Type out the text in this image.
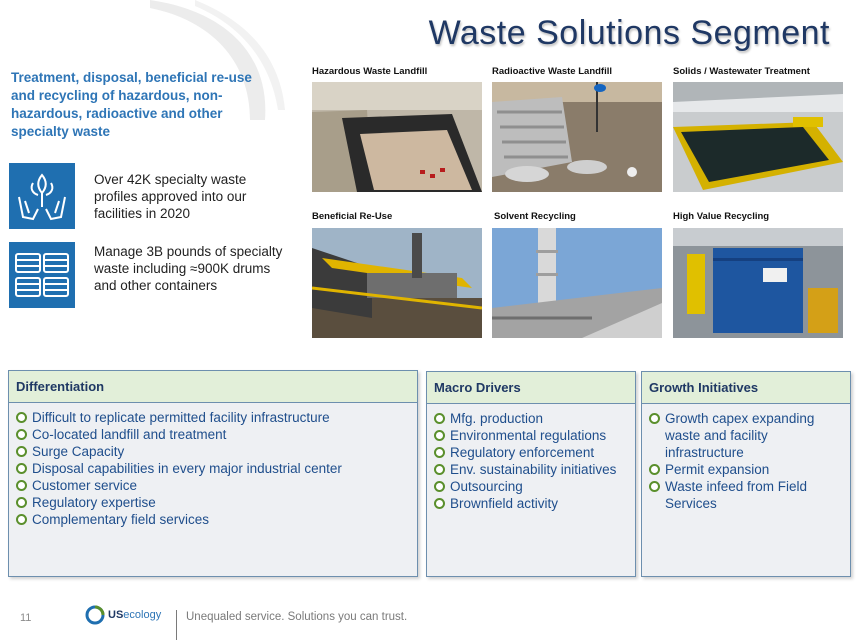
Waste Solutions Segment
Treatment, disposal, beneficial re-use and recycling of hazardous, non-hazardous, radioactive and other specialty waste
Over 42K specialty waste profiles approved into our facilities in 2020
Manage 3B pounds of specialty waste including ≈900K drums and other containers
Hazardous Waste Landfill	Radioactive Waste Landfill	Solids / Wastewater Treatment
Beneficial Re-Use	Solvent Recycling	High Value Recycling
Differentiation
Difficult to replicate permitted facility infrastructure
Co-located landfill and treatment
Surge Capacity
Disposal capabilities in every major industrial center
Customer service
Regulatory expertise
Complementary field services
Macro Drivers
Mfg. production
Environmental regulations
Regulatory enforcement
Env. sustainability initiatives
Outsourcing
Brownfield activity
Growth Initiatives
Growth capex expanding waste and facility infrastructure
Permit expansion
Waste infeed from Field Services
11	US ecology Unequaled service. Solutions you can trust.
